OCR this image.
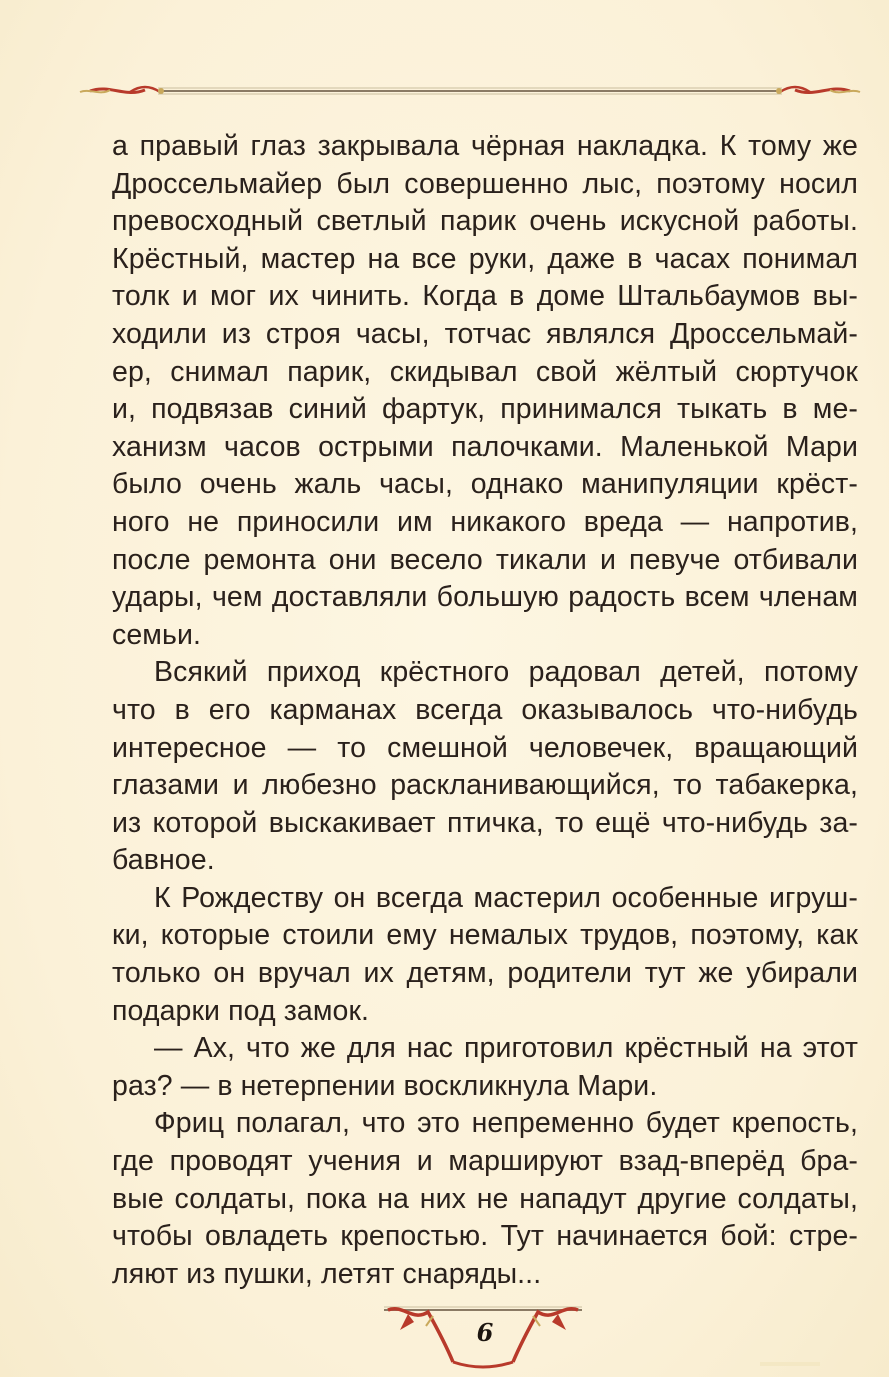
а правый глаз закрывала чёрная накладка. К тому же
Дроссельмайер был совершенно лыс, поэтому носил
превосходный светлый парик очень искусной работы.
Крёстный, мастер на все руки, даже в часах понимал
толк и мог их чинить. Когда в доме Штальбаумов вы-
ходили из строя часы, тотчас являлся Дроссельмай-
ер, снимал парик, скидывал свой жёлтый сюртучок
и, подвязав синий фартук, принимался тыкать в ме-
ханизм часов острыми палочками. Маленькой Мари
было очень жаль часы, однако манипуляции крёст-
ного не приносили им никакого вреда — напротив,
после ремонта они весело тикали и певуче отбивали
удары, чем доставляли большую радость всем членам
семьи.
Всякий приход крёстного радовал детей, потому
что в его карманах всегда оказывалось что-нибудь
интересное — то смешной человечек, вращающий
глазами и любезно раскланивающийся, то табакерка,
из которой выскакивает птичка, то ещё что-нибудь за-
бавное.
К Рождеству он всегда мастерил особенные игруш-
ки, которые стоили ему немалых трудов, поэтому, как
только он вручал их детям, родители тут же убирали
подарки под замок.
— Ах, что же для нас приготовил крёстный на этот
раз? — в нетерпении воскликнула Мари.
Фриц полагал, что это непременно будет крепость,
где проводят учения и маршируют взад-вперёд бра-
вые солдаты, пока на них не нападут другие солдаты,
чтобы овладеть крепостью. Тут начинается бой: стре-
ляют из пушки, летят снаряды...
6
